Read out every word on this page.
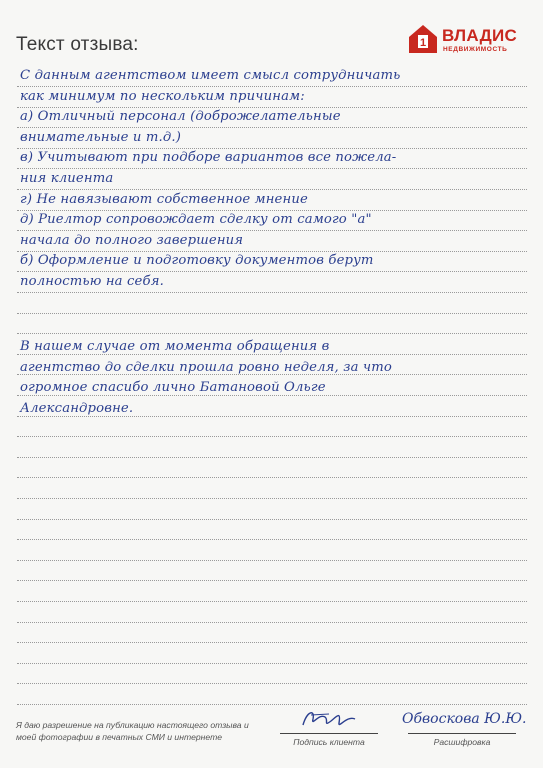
Текст отзыва:	1 ВЛАДИС
НЕДВИЖИМОСТЬ

С данным агентством имеет смысл сотрудничать

как минимум по нескольким причинам:

а) Отличный персонал (доброжелательные

внимательные и т.д.)

в) Учитывают при подборе вариантов все пожела-

ния клиента

г) Не навязывают собственное мнение

д) Риелтор сопровождает сделку от самого "а"

начала до полного завершения

б) Оформление и подготовку документов берут

полностью на себя.

В нашем случае от момента обращения в

агентство до сделки прошла ровно неделя, за что

огромное спасибо лично Батановой Ольге

Александровне.

Я даю разрешение на публикацию настоящего отзыва и моей фотографии в печатных СМИ и интернете	Подпись клиента
Обвоскова Ю.Ю.
Расшифровка
